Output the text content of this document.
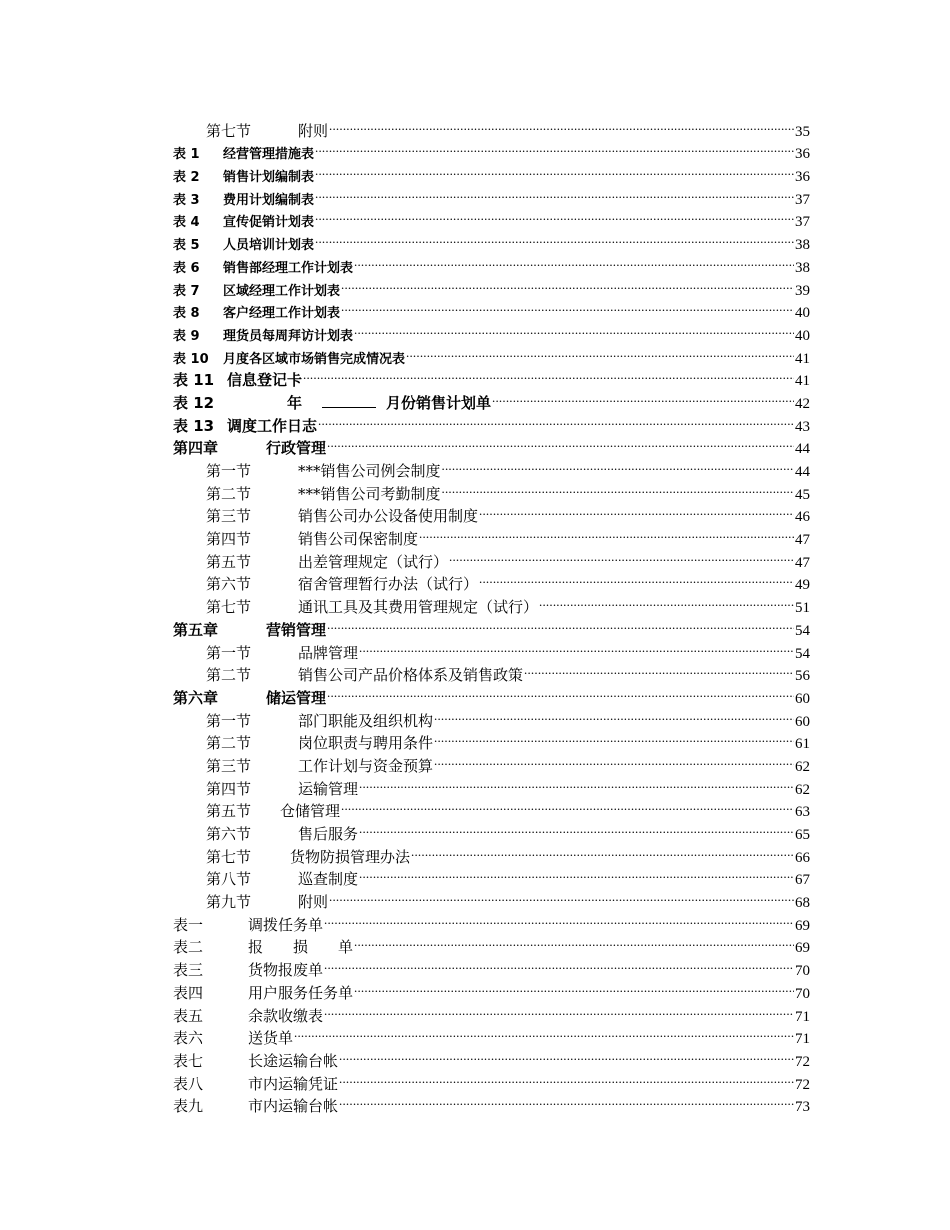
第七节	附则 .....	35
表 1	经营管理措施表 .....	36
表 2	销售计划编制表 .....	36
表 3	费用计划编制表 .....	37
表 4	宣传促销计划表 .....	37
表 5	人员培训计划表 .....	38
表 6	销售部经理工作计划表 .....	38
表 7	区域经理工作计划表 .....	39
表 8	客户经理工作计划表 .....	40
表 9	理货员每周拜访计划表 .....	40
表 10	月度各区域市场销售完成情况表 .....	41
表 11 信息登记卡 .....	41
表 12	年	月份销售计划单 .....	42
表 13 调度工作日志 .....	43
第四章	行政管理 .....	44
第一节	***销售公司例会制度 .....	44
第二节	***销售公司考勤制度 .....	45
第三节	销售公司办公设备使用制度 .....	46
第四节	销售公司保密制度 .....	47
第五节	出差管理规定（试行） .....	47
第六节	宿舍管理暂行办法（试行） .....	49
第七节	通讯工具及其费用管理规定（试行） .....	51
第五章	营销管理 .....	54
第一节	品牌管理 .....	54
第二节	销售公司产品价格体系及销售政策 .....	56
第六章	储运管理 .....	60
第一节	部门职能及组织机构 .....	60
第二节	岗位职责与聘用条件 .....	61
第三节	工作计划与资金预算 .....	62
第四节	运输管理 .....	62
第五节	仓储管理 .....	63
第六节	售后服务 .....	65
第七节	货物防损管理办法 .....	66
第八节	巡查制度 .....	67
第九节	附则 .....	68
表一	调拨任务单 .....	69
表二	报　　损　　单 .....	69
表三	货物报废单 .....	70
表四	用户服务任务单 .....	70
表五	余款收缴表 .....	71
表六	送货单 .....	71
表七	长途运输台帐 .....	72
表八	市内运输凭证 .....	72
表九	市内运输台帐 .....	73
